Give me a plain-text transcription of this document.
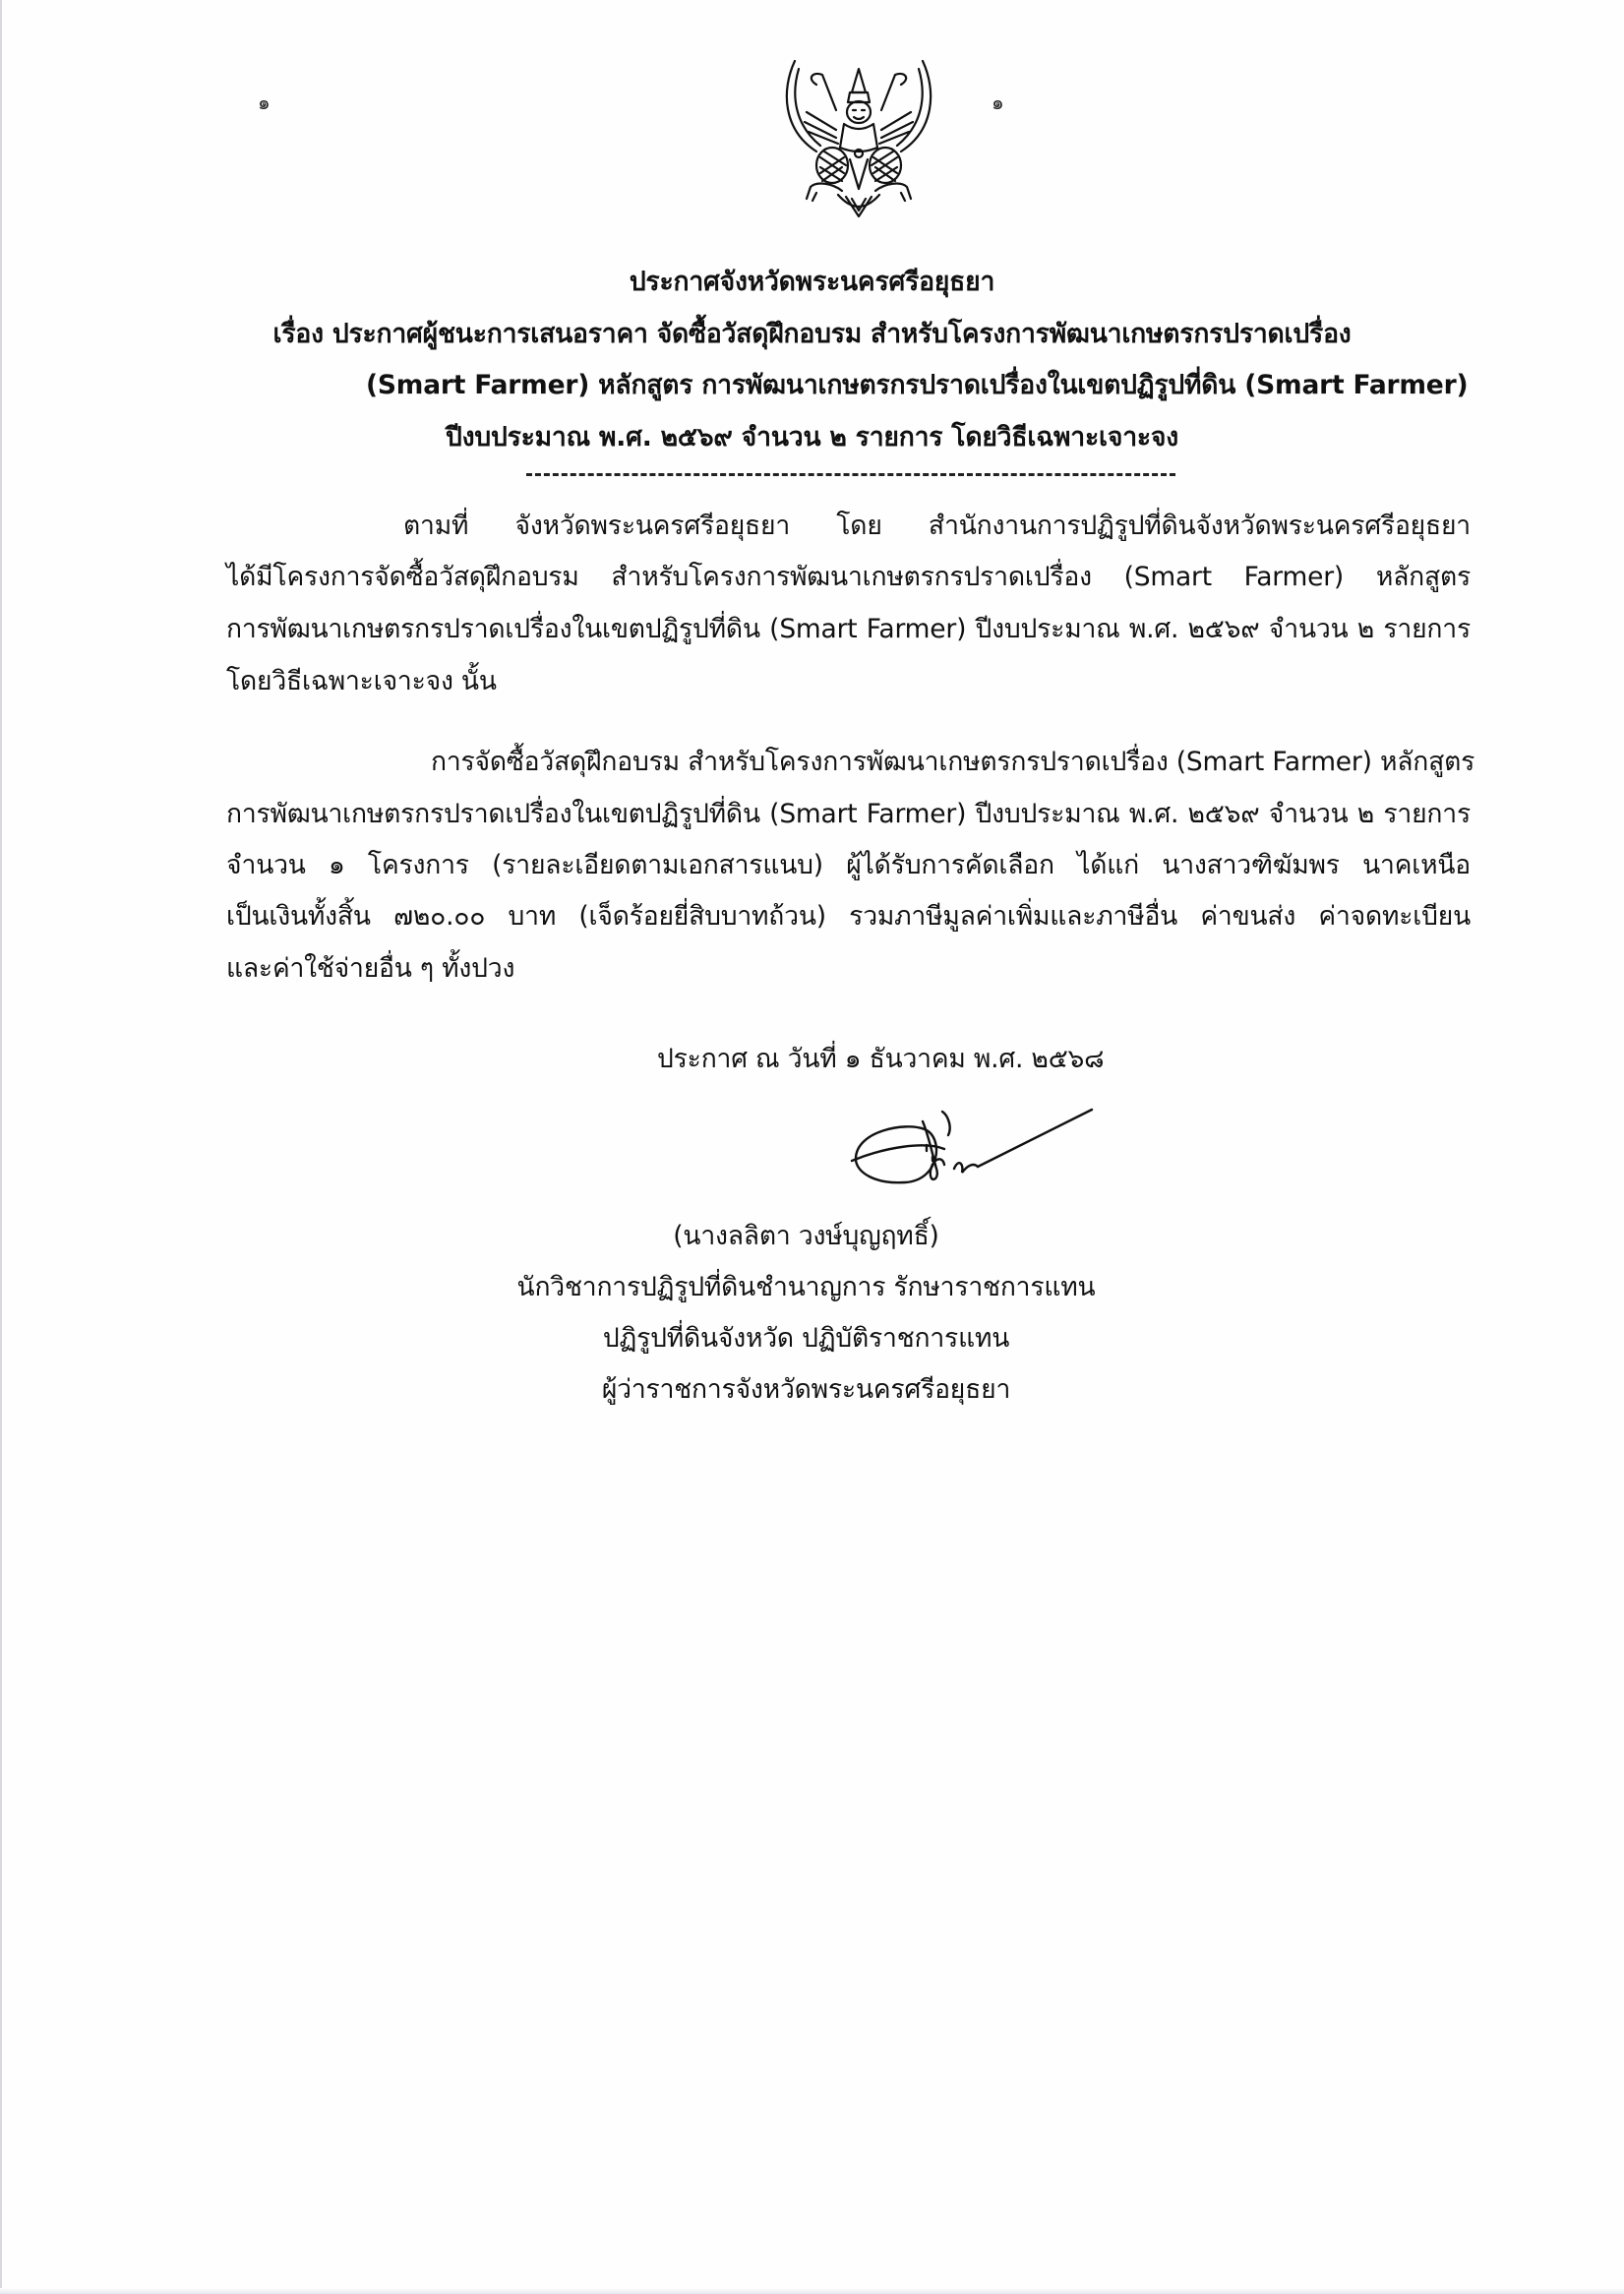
๑	๑
ประกาศจังหวัดพระนครศรีอยุธยา
เรื่อง ประกาศผู้ชนะการเสนอราคา จัดซื้อวัสดุฝึกอบรม สำหรับโครงการพัฒนาเกษตรกรปราดเปรื่อง
(Smart Farmer) หลักสูตร การพัฒนาเกษตรกรปราดเปรื่องในเขตปฏิรูปที่ดิน (Smart Farmer)
ปีงบประมาณ พ.ศ. ๒๕๖๙ จำนวน ๒ รายการ โดยวิธีเฉพาะเจาะจง
ตามที่ จังหวัดพระนครศรีอยุธยา โดย สำนักงานการปฏิรูปที่ดินจังหวัดพระนครศรีอยุธยา
ได้มีโครงการจัดซื้อวัสดุฝึกอบรม สำหรับโครงการพัฒนาเกษตรกรปราดเปรื่อง (Smart Farmer) หลักสูตร
การพัฒนาเกษตรกรปราดเปรื่องในเขตปฏิรูปที่ดิน (Smart Farmer) ปีงบประมาณ พ.ศ. ๒๕๖๙ จำนวน ๒ รายการ
โดยวิธีเฉพาะเจาะจง นั้น
การจัดซื้อวัสดุฝึกอบรม สำหรับโครงการพัฒนาเกษตรกรปราดเปรื่อง (Smart Farmer) หลักสูตร
การพัฒนาเกษตรกรปราดเปรื่องในเขตปฏิรูปที่ดิน (Smart Farmer) ปีงบประมาณ พ.ศ. ๒๕๖๙ จำนวน ๒ รายการ
จำนวน ๑ โครงการ (รายละเอียดตามเอกสารแนบ) ผู้ได้รับการคัดเลือก ได้แก่ นางสาวฑิฆัมพร นาคเหนือ
เป็นเงินทั้งสิ้น ๗๒๐.๐๐ บาท (เจ็ดร้อยยี่สิบบาทถ้วน) รวมภาษีมูลค่าเพิ่มและภาษีอื่น ค่าขนส่ง ค่าจดทะเบียน
และค่าใช้จ่ายอื่น ๆ ทั้งปวง
ประกาศ ณ วันที่ ๑ ธันวาคม พ.ศ. ๒๕๖๘
(นางลลิตา วงษ์บุญฤทธิ์)
นักวิชาการปฏิรูปที่ดินชำนาญการ รักษาราชการแทน
ปฏิรูปที่ดินจังหวัด ปฏิบัติราชการแทน
ผู้ว่าราชการจังหวัดพระนครศรีอยุธยา
